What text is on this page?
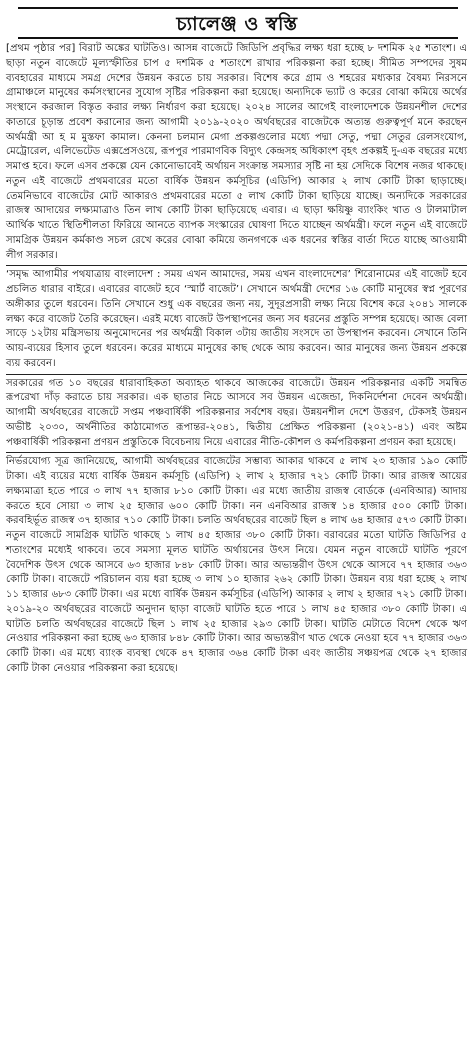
চ্যালেঞ্জ ও স্বস্তি

[প্রথম পৃষ্ঠার পর] বিরাট অঙ্কের ঘাটতিও। আসন্ন বাজেটে জিডিপি প্রবৃদ্ধির লক্ষ্য ধরা হচ্ছে ৮ দশমিক ২৫ শতাংশ। এ ছাড়া নতুন বাজেটে মূল্যস্ফীতির চাপ ৫ দশমিক ৫ শতাংশে রাখার পরিকল্পনা করা হচ্ছে। সীমিত সম্পদের সুষম ব্যবহারের মাধ্যমে সমগ্র দেশের উন্নয়ন করতে চায় সরকার। বিশেষ করে গ্রাম ও শহরের মধ্যকার বৈষম্য নিরসনে গ্রামাঞ্চলে মানুষের কর্মসংস্থানের সুযোগ সৃষ্টির পরিকল্পনা করা হয়েছে। অন্যদিকে ভ্যাট ও করের বোঝা কমিয়ে অর্থের সংস্থানে করজাল বিস্তৃত করার লক্ষ্য নির্ধারণ করা হয়েছে। ২০২৪ সালের আগেই বাংলাদেশকে উন্নয়নশীল দেশের কাতারে চূড়ান্ত প্রবেশ করানোর জন্য আগামী ২০১৯-২০২০ অর্থবছরের বাজেটকে অত্যন্ত গুরুত্বপূর্ণ মনে করছেন অর্থমন্ত্রী আ হ ম মুস্তফা কামাল। কেননা চলমান মেগা প্রকল্পগুলোর মধ্যে পদ্মা সেতু, পদ্মা সেতুর রেলসংযোগ, মেট্রোরেল, এলিভেটেড এক্সপ্রেসওয়ে, রূপপুর পারমাণবিক বিদ্যুৎ কেন্দ্রসহ অধিকাংশ বৃহৎ প্রকল্পই দু-এক বছরের মধ্যে সমাপ্ত হবে। ফলে এসব প্রকল্পে যেন কোনোভাবেই অর্থায়ন সংক্রান্ত সমস্যার সৃষ্টি না হয় সেদিকে বিশেষ নজর থাকছে। নতুন এই বাজেটে প্রথমবারের মতো বার্ষিক উন্নয়ন কর্মসূচির (এডিপি) আকার ২ লাখ কোটি টাকা ছাড়াচ্ছে। তেমনিভাবে বাজেটের মোট আকারও প্রথমবারের মতো ৫ লাখ কোটি টাকা ছাড়িয়ে যাচ্ছে। অন্যদিকে সরকারের রাজস্ব আদায়ের লক্ষ্যমাত্রাও তিন লাখ কোটি টাকা ছাড়িয়েছে এবার। এ ছাড়া ক্ষয়িষ্ণু ব্যাংকিং খাত ও টালমাটাল আর্থিক খাতে স্থিতিশীলতা ফিরিয়ে আনতে ব্যাপক সংস্কারের ঘোষণা দিতে যাচ্ছেন অর্থমন্ত্রী। ফলে নতুন এই বাজেটে সামগ্রিক উন্নয়ন কর্মকাণ্ড সচল রেখে করের বোঝা কমিয়ে জনগণকে এক ধরনের স্বস্তির বার্তা দিতে যাচ্ছে আওয়ামী লীগ সরকার।

‘সমৃদ্ধ আগামীর পথযাত্রায় বাংলাদেশ : সময় এখন আমাদের, সময় এখন বাংলাদেশের’ শিরোনামের এই বাজেট হবে প্রচলিত ধারার বাইরে। এবারের বাজেট হবে ‘স্মার্ট বাজেট’। সেখানে অর্থমন্ত্রী দেশের ১৬ কোটি মানুষের স্বপ্ন পূরণের অঙ্গীকার তুলে ধরবেন। তিনি সেখানে শুধু এক বছরের জন্য নয়, সুদূরপ্রসারী লক্ষ্য নিয়ে বিশেষ করে ২০৪১ সালকে লক্ষ্য করে বাজেট তৈরি করেছেন। এরই মধ্যে বাজেট উপস্থাপনের জন্য সব ধরনের প্রস্তুতি সম্পন্ন হয়েছে। আজ বেলা সাড়ে ১২টায় মন্ত্রিসভায় অনুমোদনের পর অর্থমন্ত্রী বিকাল ৩টায় জাতীয় সংসদে তা উপস্থাপন করবেন। সেখানে তিনি আয়-ব্যয়ের হিসাব তুলে ধরবেন। করের মাধ্যমে মানুষের কাছ থেকে আয় করবেন। আর মানুষের জন্য উন্নয়ন প্রকল্পে ব্যয় করবেন।

সরকারের গত ১০ বছরের ধারাবাহিকতা অব্যাহত থাকবে আজকের বাজেটে। উন্নয়ন পরিকল্পনার একটি সমন্বিত রূপরেখা দাঁড় করাতে চায় সরকার। এক ছাতার নিচে আসবে সব উন্নয়ন এজেন্ডা, দিকনির্দেশনা দেবেন অর্থমন্ত্রী। আগামী অর্থবছরের বাজেটে সপ্তম পঞ্চবার্ষিকী পরিকল্পনার সর্বশেষ বছর। উন্নয়নশীল দেশে উত্তরণ, টেকসই উন্নয়ন অভীষ্ট ২০৩০, অর্থনীতির কাঠামোগত রূপান্তর-২০৪১, দ্বিতীয় প্রেক্ষিত পরিকল্পনা (২০২১-৪১) এবং অষ্টম পঞ্চবার্ষিকী পরিকল্পনা প্রণয়ন প্রস্তুতিকে বিবেচনায় নিয়ে এবারের নীতি-কৌশল ও কর্মপরিকল্পনা প্রণয়ন করা হয়েছে।

নির্ভরযোগ্য সূত্র জানিয়েছে, আগামী অর্থবছরের বাজেটের সম্ভাব্য আকার থাকবে ৫ লাখ ২৩ হাজার ১৯০ কোটি টাকা। এই ব্যয়ের মধ্যে বার্ষিক উন্নয়ন কর্মসূচি (এডিপি) ২ লাখ ২ হাজার ৭২১ কোটি টাকা। আর রাজস্ব আয়ের লক্ষ্যমাত্রা হতে পারে ৩ লাখ ৭৭ হাজার ৮১০ কোটি টাকা। এর মধ্যে জাতীয় রাজস্ব বোর্ডকে (এনবিআর) আদায় করতে হবে সোয়া ৩ লাখ ২৫ হাজার ৬০০ কোটি টাকা। নন এনবিআর রাজস্ব ১৪ হাজার ৫০০ কোটি টাকা। করবহির্ভূত রাজস্ব ৩৭ হাজার ৭১০ কোটি টাকা। চলতি অর্থবছরের বাজেট ছিল ৪ লাখ ৬৪ হাজার ৫৭৩ কোটি টাকা। নতুন বাজেটে সামগ্রিক ঘাটতি থাকছে ১ লাখ ৪৫ হাজার ৩৮০ কোটি টাকা। বরাবরের মতো ঘাটতি জিডিপির ৫ শতাংশের মধ্যেই থাকবে। তবে সমস্যা মূলত ঘাটতি অর্থায়নের উৎস নিয়ে। যেমন নতুন বাজেটে ঘাটতি পূরণে বৈদেশিক উৎস থেকে আসবে ৬৩ হাজার ৮৪৮ কোটি টাকা। আর অভ্যন্তরীণ উৎস থেকে আসবে ৭৭ হাজার ৩৬৩ কোটি টাকা। বাজেটে পরিচালন ব্যয় ধরা হচ্ছে ৩ লাখ ১০ হাজার ২৬২ কোটি টাকা। উন্নয়ন ব্যয় ধরা হচ্ছে ২ লাখ ১১ হাজার ৬৮৩ কোটি টাকা। এর মধ্যে বার্ষিক উন্নয়ন কর্মসূচির (এডিপি) আকার ২ লাখ ২ হাজার ৭২১ কোটি টাকা। ২০১৯-২০ অর্থবছরের বাজেটে অনুদান ছাড়া বাজেট ঘাটতি হতে পারে ১ লাখ ৪৫ হাজার ৩৮০ কোটি টাকা। এ ঘাটতি চলতি অর্থবছরের বাজেটে ছিল ১ লাখ ২৫ হাজার ২৯৩ কোটি টাকা। ঘাটতি মেটাতে বিদেশ থেকে ঋণ নেওয়ার পরিকল্পনা করা হচ্ছে ৬৩ হাজার ৮৪৮ কোটি টাকা। আর অভ্যন্তরীণ খাত থেকে নেওয়া হবে ৭৭ হাজার ৩৬৩ কোটি টাকা। এর মধ্যে ব্যাংক ব্যবস্থা থেকে ৪৭ হাজার ৩৬৪ কোটি টাকা এবং জাতীয় সঞ্চয়পত্র থেকে ২৭ হাজার কোটি টাকা নেওয়ার পরিকল্পনা করা হয়েছে।
